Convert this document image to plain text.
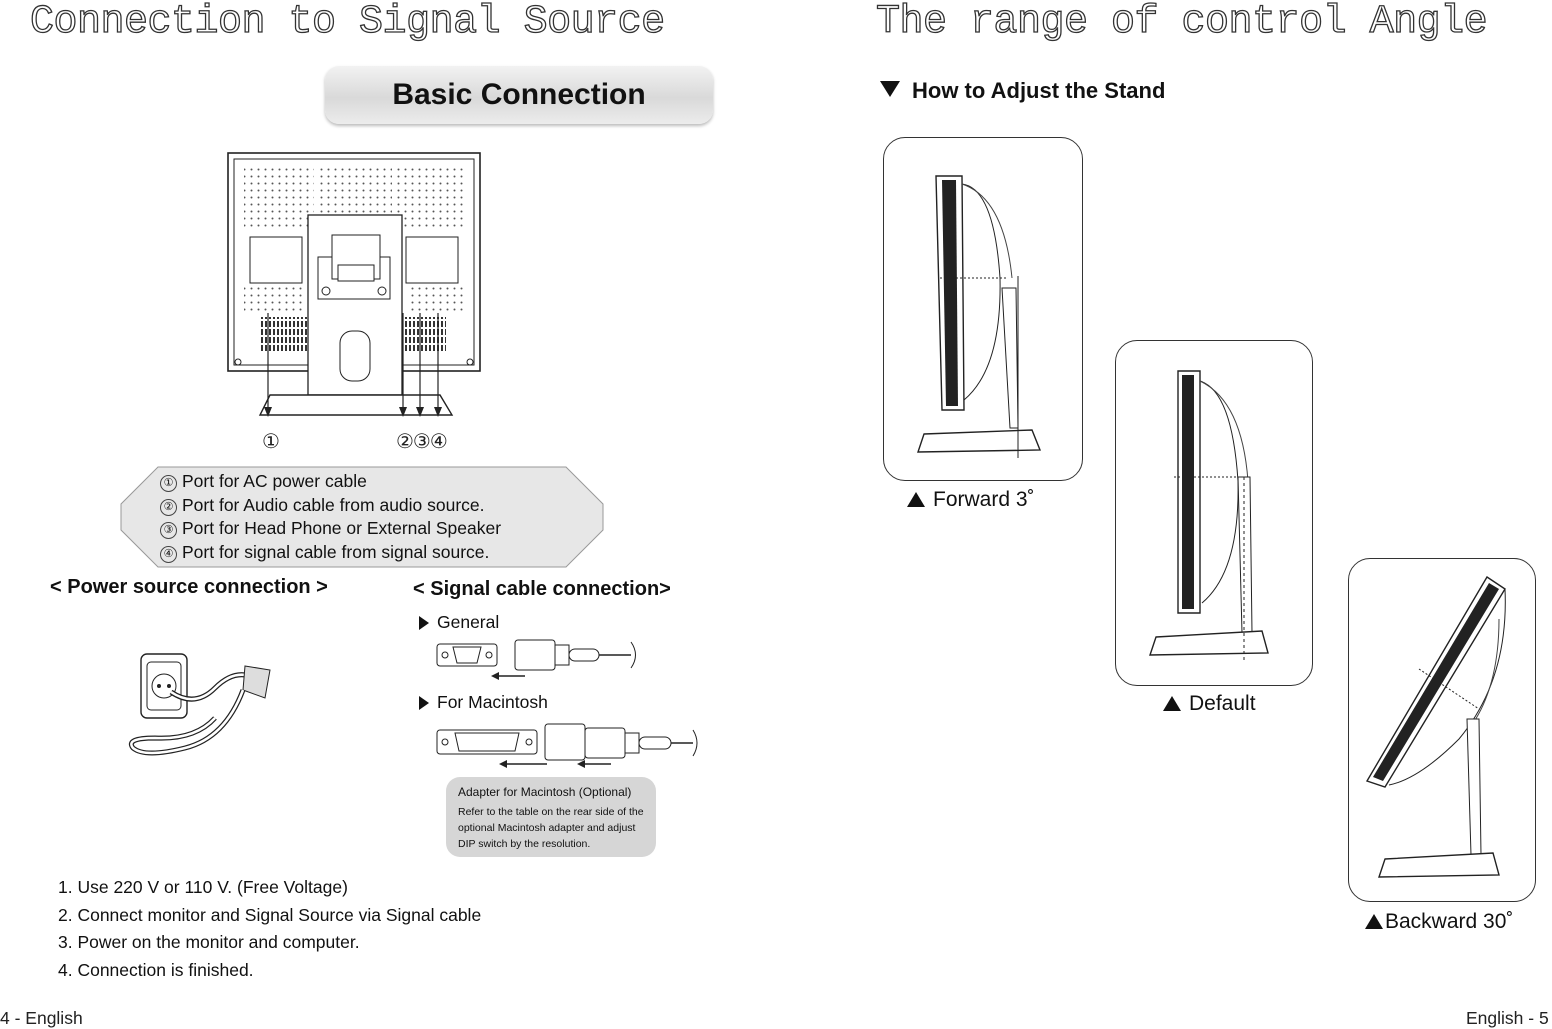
Connection to Signal Source
Basic Connection
①	②③④
① Port for AC power cable
② Port for Audio cable from audio source.
③ Port for Head Phone or External Speaker
④ Port for signal cable from signal source.
< Power source connection >	< Signal cable connection>
General
For Macintosh
Adapter for Macintosh (Optional)
Refer to the table on the rear side of the optional Macintosh adapter and adjust DIP switch by the resolution.
1. Use 220 V or 110 V. (Free Voltage)
2. Connect monitor and Signal Source via Signal cable
3. Power on the monitor and computer.
4. Connection is finished.
4 - English
The range of control Angle
How to Adjust the Stand
Forward 3˚
Default
Backward 30˚
English - 5
